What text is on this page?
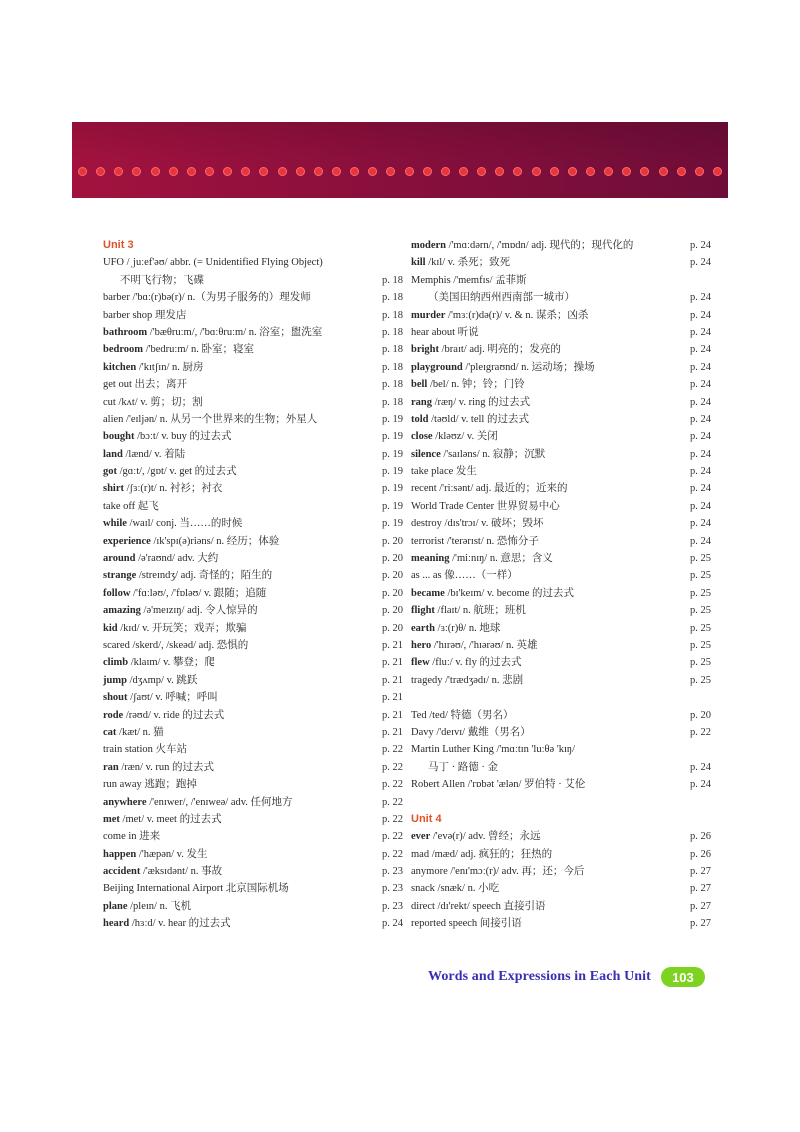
Unit 3
UFO /ˌjuːef'əʊ/ abbr. (= Unidentified Flying Object)
不明飞行物；飞碟	p. 18
barber /'bɑː(r)bə(r)/ n.（为男子服务的）理发师	p. 18
barber shop 理发店	p. 18
bathroom /'bæθruːm/, /'bɑːθruːm/ n. 浴室；盥洗室	p. 18
bedroom /'bedruːm/ n. 卧室；寝室	p. 18
kitchen /'kɪtʃɪn/ n. 厨房	p. 18
get out 出去；离开	p. 18
cut /kʌt/ v. 剪；切；割	p. 18
alien /'eɪljən/ n. 从另一个世界来的生物；外星人	p. 19
bought /bɔːt/ v. buy 的过去式	p. 19
land /lænd/ v. 着陆	p. 19
got /gɑːt/, /gɒt/ v. get 的过去式	p. 19
shirt /ʃɜː(r)t/ n. 衬衫；衬衣	p. 19
take off 起飞	p. 19
while /waɪl/ conj. 当……的时候	p. 19
experience /ɪk'spɪ(ə)riəns/ n. 经历；体验	p. 20
around /ə'raʊnd/ adv. 大约	p. 20
strange /streɪndʒ/ adj. 奇怪的；陌生的	p. 20
follow /'fɑːləʊ/, /'fɒləʊ/ v. 跟随；追随	p. 20
amazing /ə'meɪzɪŋ/ adj. 令人惊异的	p. 20
kid /kɪd/ v. 开玩笑；戏弄；欺骗	p. 20
scared /skerd/, /skeəd/ adj. 恐惧的	p. 21
climb /klaɪm/ v. 攀登；爬	p. 21
jump /dʒʌmp/ v. 跳跃	p. 21
shout /ʃaʊt/ v. 呼喊；呼叫	p. 21
rode /rəʊd/ v. ride 的过去式	p. 21
cat /kæt/ n. 猫	p. 21
train station 火车站	p. 22
ran /ræn/ v. run 的过去式	p. 22
run away 逃跑；跑掉	p. 22
anywhere /'enɪwer/, /'enɪweə/ adv. 任何地方	p. 22
met /met/ v. meet 的过去式	p. 22
come in 进来	p. 22
happen /'hæpən/ v. 发生	p. 22
accident /'æksɪdənt/ n. 事故	p. 23
Beijing International Airport 北京国际机场	p. 23
plane /pleɪn/ n. 飞机	p. 23
heard /hɜːd/ v. hear 的过去式	p. 24
modern /'mɑːdərn/, /'mɒdn/ adj. 现代的；现代化的	p. 24
kill /kɪl/ v. 杀死；致死	p. 24
Memphis /'memfɪs/ 孟菲斯
（美国田纳西州西南部一城市）	p. 24
murder /'mɜː(r)də(r)/ v. & n. 谋杀；凶杀	p. 24
hear about 听说	p. 24
bright /braɪt/ adj. 明亮的；发亮的	p. 24
playground /'pleɪgraʊnd/ n. 运动场；操场	p. 24
bell /bel/ n. 钟；铃；门铃	p. 24
rang /ræŋ/ v. ring 的过去式	p. 24
told /təʊld/ v. tell 的过去式	p. 24
close /kləʊz/ v. 关闭	p. 24
silence /'saɪləns/ n. 寂静；沉默	p. 24
take place 发生	p. 24
recent /'riːsənt/ adj. 最近的；近来的	p. 24
World Trade Center 世界贸易中心	p. 24
destroy /dɪs'trɔɪ/ v. 破坏；毁坏	p. 24
terrorist /'terərɪst/ n. 恐怖分子	p. 24
meaning /'miːnɪŋ/ n. 意思；含义	p. 25
as ... as 像……（一样）	p. 25
became /bɪ'keɪm/ v. become 的过去式	p. 25
flight /flaɪt/ n. 航班；班机	p. 25
earth /ɜː(r)θ/ n. 地球	p. 25
hero /'hɪrəʊ/, /'hɪərəʊ/ n. 英雄	p. 25
flew /fluː/ v. fly 的过去式	p. 25
tragedy /'trædʒədɪ/ n. 悲剧	p. 25
Ted /ted/ 特德（男名）	p. 20
Davy /'deɪvɪ/ 戴维（男名）	p. 22
Martin Luther King /'mɑːtɪn 'luːθə 'kɪŋ/
马丁 · 路德 · 金	p. 24
Robert Allen /'rɒbət 'ælən/ 罗伯特 · 艾伦	p. 24
Unit 4
ever /'evə(r)/ adv. 曾经；永远	p. 26
mad /mæd/ adj. 疯狂的；狂热的	p. 26
anymore /'enɪ'mɔː(r)/ adv. 再；还；今后	p. 27
snack /snæk/ n. 小吃	p. 27
direct /dɪ'rekt/ speech 直接引语	p. 27
reported speech 间接引语	p. 27
Words and Expressions in Each Unit	103
